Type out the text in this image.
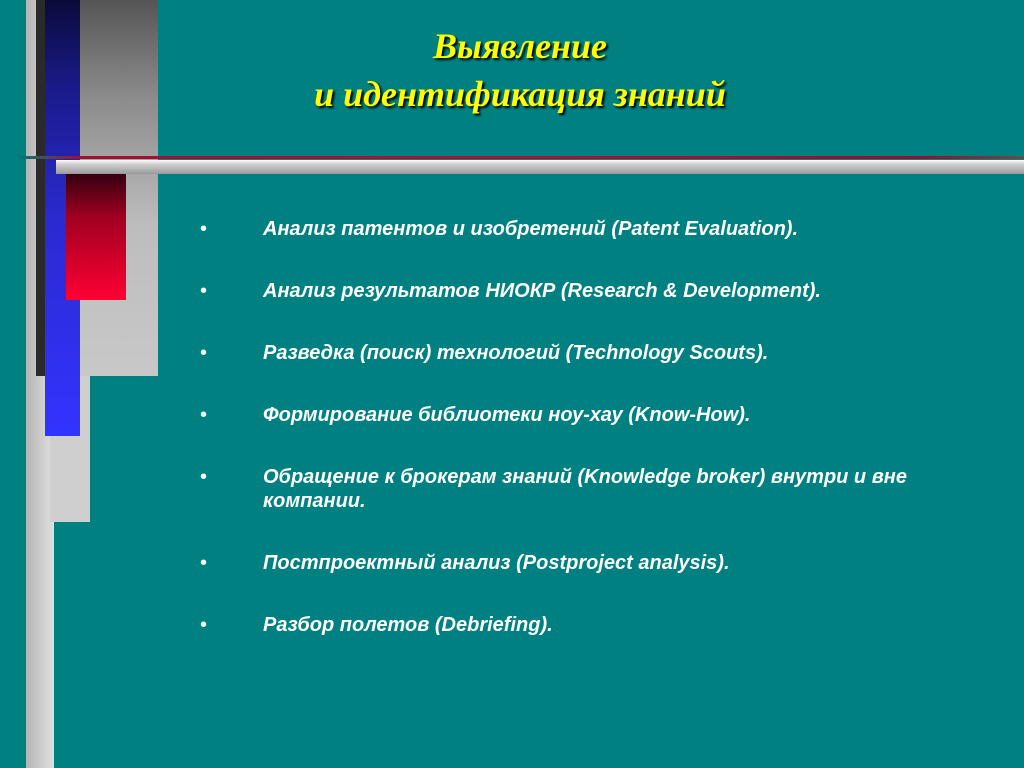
Выявление
и идентификация знаний
•	Анализ патентов и изобретений (Patent Evaluation).
•	Анализ результатов НИОКР (Research & Development).
•	Разведка (поиск) технологий (Technology Scouts).
•	Формирование библиотеки ноу-хау (Know-How).
•	Обращение к брокерам знаний (Knowledge broker) внутри и вне компании.
•	Постпроектный анализ (Postproject analysis).
•	Разбор полетов (Debriefing).
